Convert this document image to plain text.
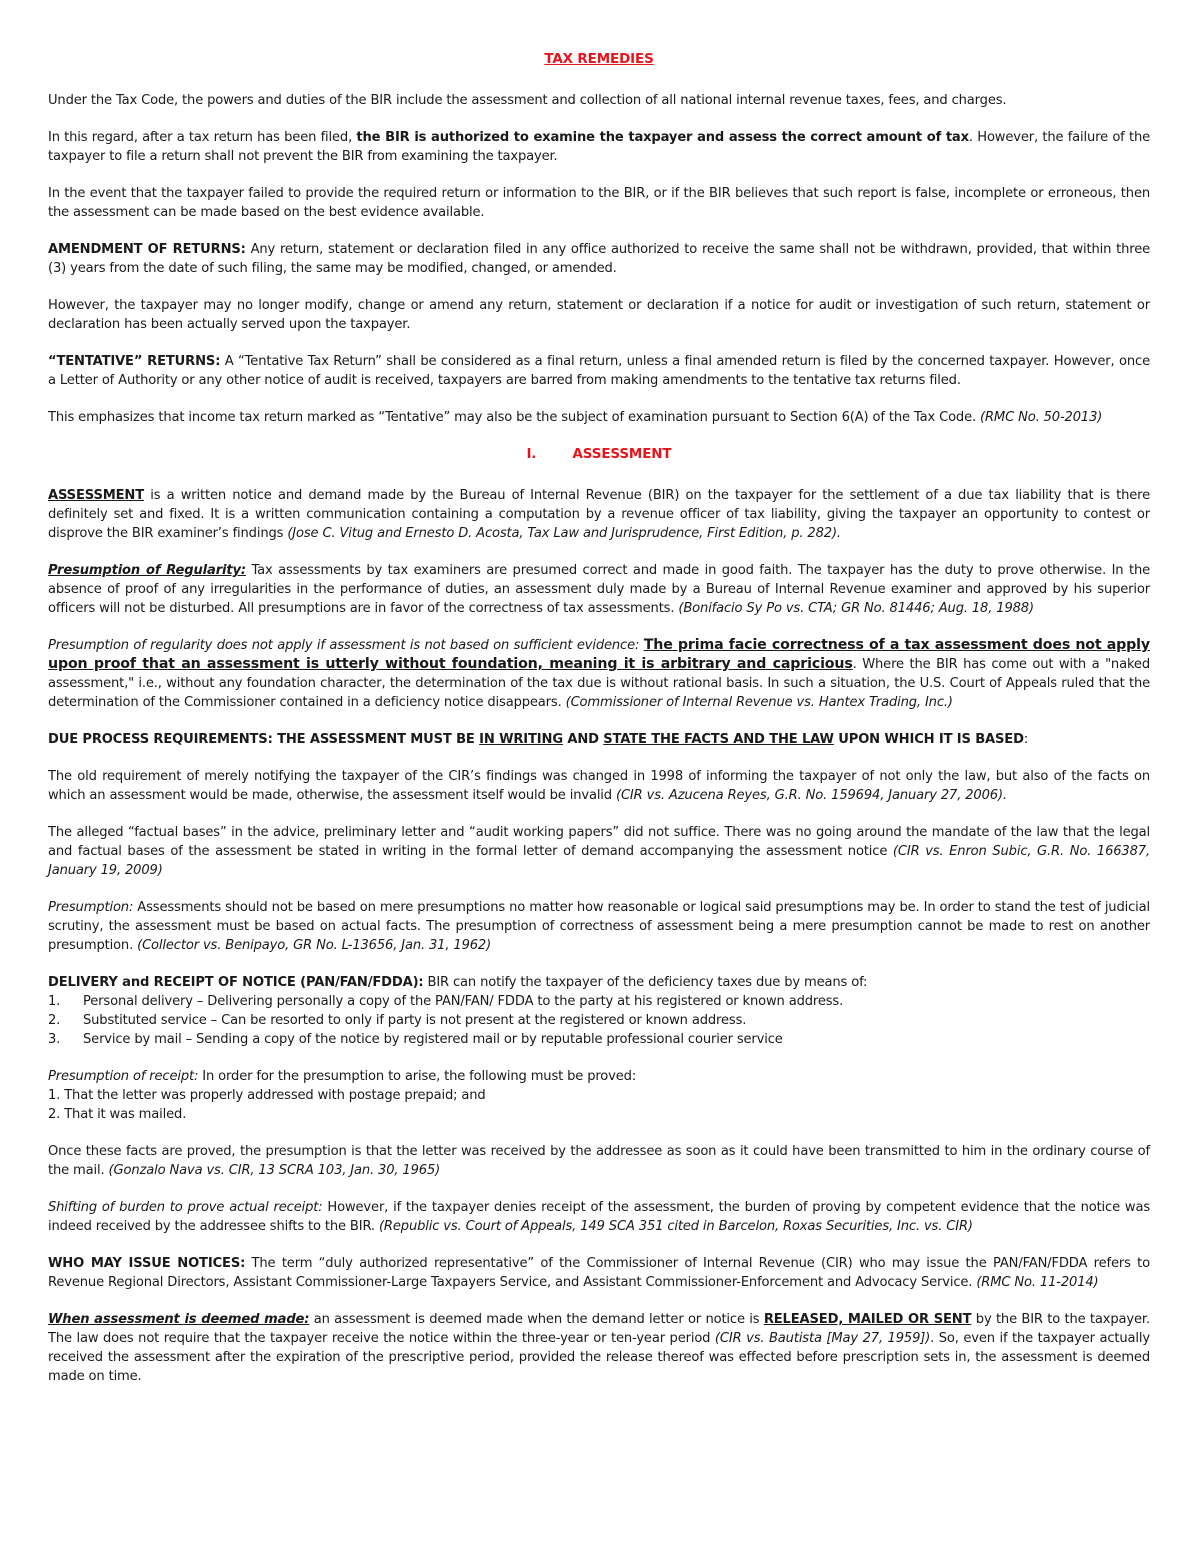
TAX REMEDIES

Under the Tax Code, the powers and duties of the BIR include the assessment and collection of all national internal revenue taxes, fees, and charges.

In this regard, after a tax return has been filed, the BIR is authorized to examine the taxpayer and assess the correct amount of tax. However, the failure of the taxpayer to file a return shall not prevent the BIR from examining the taxpayer.

In the event that the taxpayer failed to provide the required return or information to the BIR, or if the BIR believes that such report is false, incomplete or erroneous, then the assessment can be made based on the best evidence available.

AMENDMENT OF RETURNS: Any return, statement or declaration filed in any office authorized to receive the same shall not be withdrawn, provided, that within three (3) years from the date of such filing, the same may be modified, changed, or amended.

However, the taxpayer may no longer modify, change or amend any return, statement or declaration if a notice for audit or investigation of such return, statement or declaration has been actually served upon the taxpayer.

“TENTATIVE” RETURNS: A “Tentative Tax Return” shall be considered as a final return, unless a final amended return is filed by the concerned taxpayer. However, once a Letter of Authority or any other notice of audit is received, taxpayers are barred from making amendments to the tentative tax returns filed.

This emphasizes that income tax return marked as “Tentative” may also be the subject of examination pursuant to Section 6(A) of the Tax Code. (RMC No. 50-2013)

I.	ASSESSMENT

ASSESSMENT is a written notice and demand made by the Bureau of Internal Revenue (BIR) on the taxpayer for the settlement of a due tax liability that is there definitely set and fixed. It is a written communication containing a computation by a revenue officer of tax liability, giving the taxpayer an opportunity to contest or disprove the BIR examiner’s findings (Jose C. Vitug and Ernesto D. Acosta, Tax Law and Jurisprudence, First Edition, p. 282).

Presumption of Regularity: Tax assessments by tax examiners are presumed correct and made in good faith. The taxpayer has the duty to prove otherwise. In the absence of proof of any irregularities in the performance of duties, an assessment duly made by a Bureau of Internal Revenue examiner and approved by his superior officers will not be disturbed. All presumptions are in favor of the correctness of tax assessments. (Bonifacio Sy Po vs. CTA; GR No. 81446; Aug. 18, 1988)

Presumption of regularity does not apply if assessment is not based on sufficient evidence: The prima facie correctness of a tax assessment does not apply upon proof that an assessment is utterly without foundation, meaning it is arbitrary and capricious. Where the BIR has come out with a "naked assessment," i.e., without any foundation character, the determination of the tax due is without rational basis. In such a situation, the U.S. Court of Appeals ruled that the determination of the Commissioner contained in a deficiency notice disappears. (Commissioner of Internal Revenue vs. Hantex Trading, Inc.)

DUE PROCESS REQUIREMENTS: THE ASSESSMENT MUST BE IN WRITING AND STATE THE FACTS AND THE LAW UPON WHICH IT IS BASED:

The old requirement of merely notifying the taxpayer of the CIR’s findings was changed in 1998 of informing the taxpayer of not only the law, but also of the facts on which an assessment would be made, otherwise, the assessment itself would be invalid (CIR vs. Azucena Reyes, G.R. No. 159694, January 27, 2006).

The alleged “factual bases” in the advice, preliminary letter and “audit working papers” did not suffice. There was no going around the mandate of the law that the legal and factual bases of the assessment be stated in writing in the formal letter of demand accompanying the assessment notice (CIR vs. Enron Subic, G.R. No. 166387, January 19, 2009)

Presumption: Assessments should not be based on mere presumptions no matter how reasonable or logical said presumptions may be. In order to stand the test of judicial scrutiny, the assessment must be based on actual facts. The presumption of correctness of assessment being a mere presumption cannot be made to rest on another presumption. (Collector vs. Benipayo, GR No. L-13656, Jan. 31, 1962)

DELIVERY and RECEIPT OF NOTICE (PAN/FAN/FDDA): BIR can notify the taxpayer of the deficiency taxes due by means of:

1. Personal delivery – Delivering personally a copy of the PAN/FAN/ FDDA to the party at his registered or known address.
2. Substituted service – Can be resorted to only if party is not present at the registered or known address.
3. Service by mail – Sending a copy of the notice by registered mail or by reputable professional courier service

Presumption of receipt: In order for the presumption to arise, the following must be proved:

1. That the letter was properly addressed with postage prepaid; and

2. That it was mailed.

Once these facts are proved, the presumption is that the letter was received by the addressee as soon as it could have been transmitted to him in the ordinary course of the mail. (Gonzalo Nava vs. CIR, 13 SCRA 103, Jan. 30, 1965)

Shifting of burden to prove actual receipt: However, if the taxpayer denies receipt of the assessment, the burden of proving by competent evidence that the notice was indeed received by the addressee shifts to the BIR. (Republic vs. Court of Appeals, 149 SCA 351 cited in Barcelon, Roxas Securities, Inc. vs. CIR)

WHO MAY ISSUE NOTICES: The term “duly authorized representative” of the Commissioner of Internal Revenue (CIR) who may issue the PAN/FAN/FDDA refers to Revenue Regional Directors, Assistant Commissioner-Large Taxpayers Service, and Assistant Commissioner-Enforcement and Advocacy Service. (RMC No. 11-2014)

When assessment is deemed made: an assessment is deemed made when the demand letter or notice is RELEASED, MAILED OR SENT by the BIR to the taxpayer. The law does not require that the taxpayer receive the notice within the three-year or ten-year period (CIR vs. Bautista [May 27, 1959]). So, even if the taxpayer actually received the assessment after the expiration of the prescriptive period, provided the release thereof was effected before prescription sets in, the assessment is deemed made on time.
